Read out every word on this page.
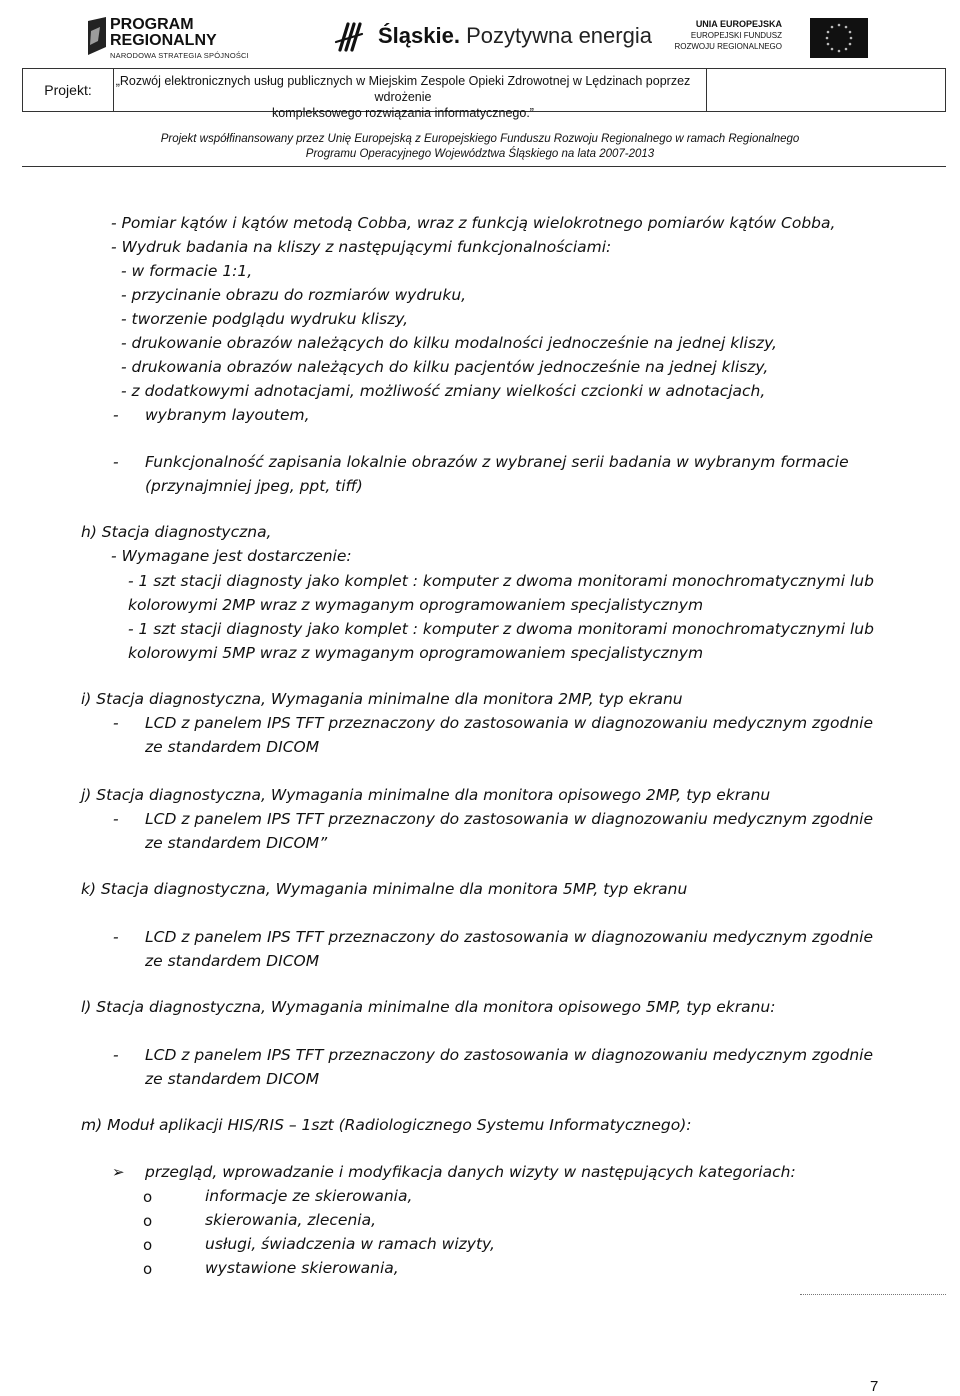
PROGRAM
REGIONALNY
NARODOWA STRATEGIA SPÓJNOŚCI
Śląskie. Pozytywna energia	UNIA EUROPEJSKA
EUROPEJSKI FUNDUSZ
ROZWOJU REGIONALNEGO
Projekt:
„Rozwój elektronicznych usług publicznych w Miejskim Zespole Opieki Zdrowotnej w Lędzinach poprzez wdrożenie
kompleksowego rozwiązania informatycznego.”
Projekt współfinansowany przez Unię Europejską z Europejskiego Funduszu Rozwoju Regionalnego w ramach Regionalnego
Programu Operacyjnego Województwa Śląskiego na lata 2007-2013
- Pomiar kątów i kątów metodą Cobba, wraz z funkcją wielokrotnego pomiarów kątów Cobba,
- Wydruk badania na kliszy z następującymi funkcjonalnościami:
- w formacie 1:1,
- przycinanie obrazu do rozmiarów wydruku,
- tworzenie podglądu wydruku kliszy,
- drukowanie obrazów należących do kilku modalności jednocześnie na jednej kliszy,
- drukowania obrazów należących do kilku pacjentów jednocześnie na jednej kliszy,
- z dodatkowymi adnotacjami, możliwość zmiany wielkości czcionki w adnotacjach,
- wybranym layoutem,
- Funkcjonalność zapisania lokalnie obrazów z wybranej serii badania w wybranym formacie
(przynajmniej jpeg, ppt, tiff)
h) Stacja diagnostyczna,
- Wymagane jest dostarczenie:
- 1 szt stacji diagnosty jako komplet : komputer z dwoma monitorami monochromatycznymi lub
kolorowymi 2MP wraz z wymaganym oprogramowaniem specjalistycznym
- 1 szt stacji diagnosty jako komplet : komputer z dwoma monitorami monochromatycznymi lub
kolorowymi 5MP wraz z wymaganym oprogramowaniem specjalistycznym
i) Stacja diagnostyczna, Wymagania minimalne dla monitora 2MP, typ ekranu
- LCD z panelem IPS TFT przeznaczony do zastosowania w diagnozowaniu medycznym zgodnie
ze standardem DICOM
j) Stacja diagnostyczna, Wymagania minimalne dla monitora opisowego 2MP, typ ekranu
- LCD z panelem IPS TFT przeznaczony do zastosowania w diagnozowaniu medycznym zgodnie
ze standardem DICOM”
k) Stacja diagnostyczna, Wymagania minimalne dla monitora 5MP, typ ekranu
- LCD z panelem IPS TFT przeznaczony do zastosowania w diagnozowaniu medycznym zgodnie
ze standardem DICOM
l) Stacja diagnostyczna, Wymagania minimalne dla monitora opisowego 5MP, typ ekranu:
- LCD z panelem IPS TFT przeznaczony do zastosowania w diagnozowaniu medycznym zgodnie
ze standardem DICOM
m) Moduł aplikacji HIS/RIS – 1szt (Radiologicznego Systemu Informatycznego):
➢ przegląd, wprowadzanie i modyfikacja danych wizyty w następujących kategoriach:
o	informacje ze skierowania,
o	skierowania, zlecenia,
o	usługi, świadczenia w ramach wizyty,
o	wystawione skierowania,
7
